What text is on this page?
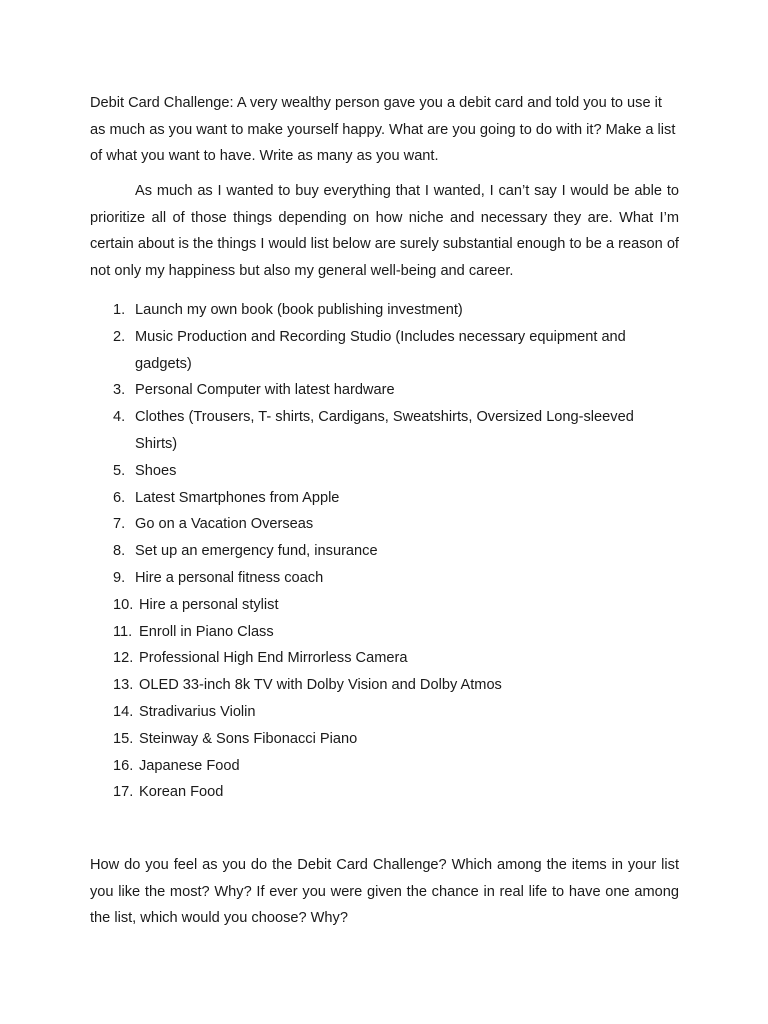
Debit Card Challenge: A very wealthy person gave you a debit card and told you to use it as much as you want to make yourself happy. What are you going to do with it? Make a list of what you want to have. Write as many as you want.

As much as I wanted to buy everything that I wanted, I can’t say I would be able to prioritize all of those things depending on how niche and necessary they are. What I’m certain about is the things I would list below are surely substantial enough to be a reason of not only my happiness but also my general well-being and career.

1. Launch my own book (book publishing investment)
2. Music Production and Recording Studio (Includes necessary equipment and gadgets)
3. Personal Computer with latest hardware
4. Clothes (Trousers, T- shirts, Cardigans, Sweatshirts, Oversized Long-sleeved Shirts)
5. Shoes
6. Latest Smartphones from Apple
7. Go on a Vacation Overseas
8. Set up an emergency fund, insurance
9. Hire a personal fitness coach
10. Hire a personal stylist
11. Enroll in Piano Class
12. Professional High End Mirrorless Camera
13. OLED 33-inch 8k TV with Dolby Vision and Dolby Atmos
14. Stradivarius Violin
15. Steinway & Sons Fibonacci Piano
16. Japanese Food
17. Korean Food

How do you feel as you do the Debit Card Challenge? Which among the items in your list you like the most? Why? If ever you were given the chance in real life to have one among the list, which would you choose? Why?
